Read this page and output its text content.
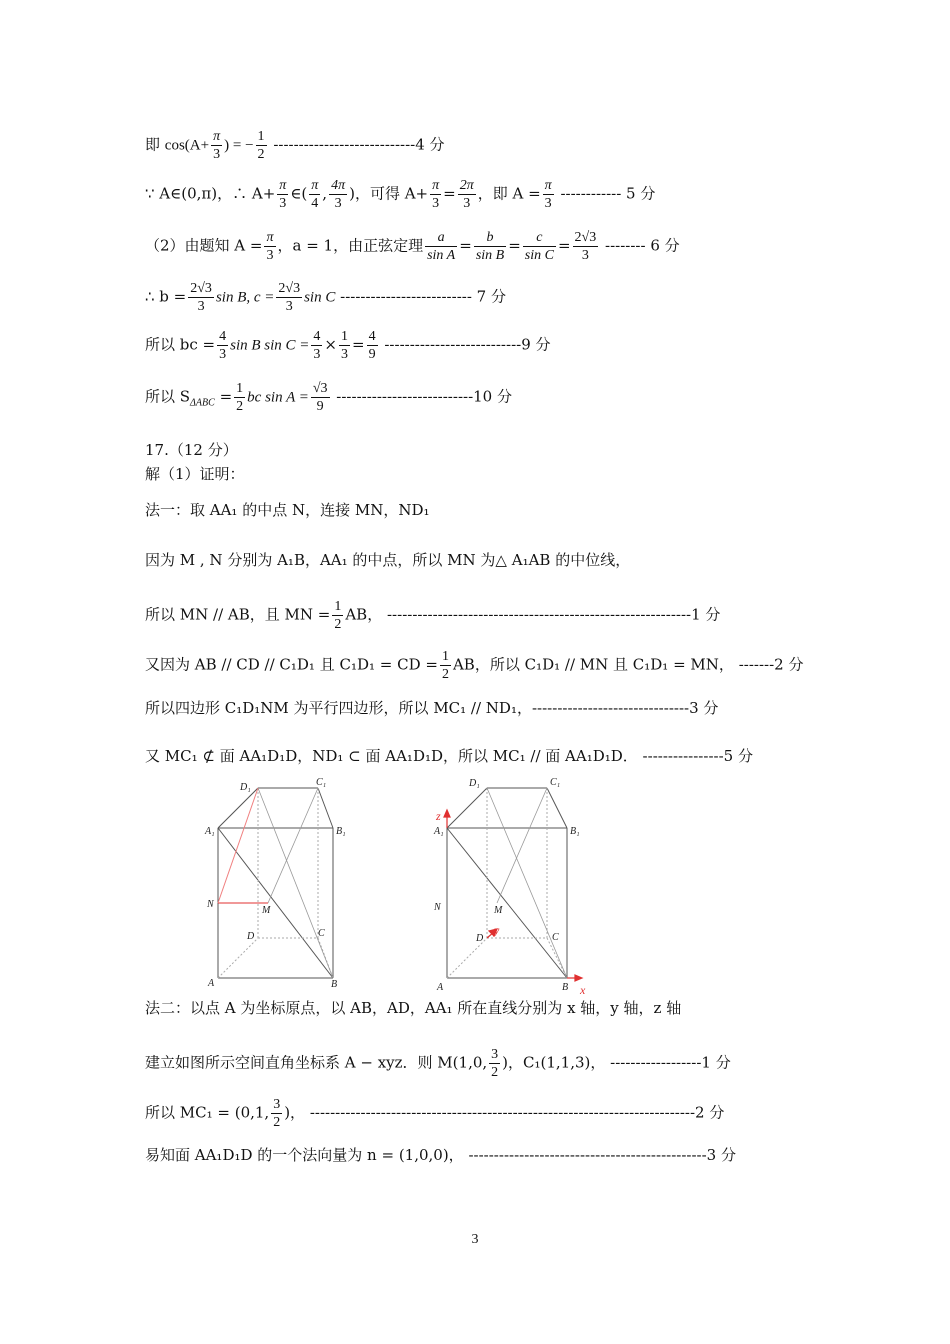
即 $\cos(A+ \frac{\pi}{3}$ ) = − $\frac{1}{2} ----------------------------4$ 分
∵ A∈(0,π)，∴ $A+ \frac{\pi}{3}$ ∈( $\frac{\pi}{4}$ , $\frac{4\pi}{3}$ )，可得 $A+ \frac{\pi}{3} = \frac{2\pi}{3}$ ，即 $A = \frac{\pi}{3}$ ------------ 5 分
（2）由题知 $A = \frac{\pi}{3}$ ，a = 1，由正弦定理 $\frac{a}{\text{sin A}} = \frac{b}{\text{sin B}} = \frac{c}{\text{sin C}} = \frac{2√3}{3}$ -------- 6 分
∴ $b = \frac{2√3}{3}$ sin B, $c = \frac{2√3}{3}$ sin C -------------------------- 7 分
所以 bc = $\frac{4}{3}$ sin B $\sin C = \frac{4}{3} \times \frac{1}{3} = \frac{4}{9} ---------------------------9$ 分
所以 $S_{\Delta ABC} = \frac{1}{2}$ bc $\sin A = \frac{√3}{9} ---------------------------10$ 分
17.（12 分）
解（1）证明：
法一：取 AA₁ 的中点 N，连接 MN，ND₁
因为 M , N 分别为 A₁B，AA₁ 的中点，所以 MN 为△ A₁AB 的中位线，
所以 MN // AB，且 MN = $\frac{1}{2}$ AB， ------------------------------------------------------------1 分
又因为 AB // CD // C₁D₁ 且 C₁D₁ = CD = $\frac{1}{2}$ AB，所以 C₁D₁ // MN 且 C₁D₁ = MN， -------2 分
所以四边形 C₁D₁NM 为平行四边形，所以 MC₁ // ND₁，-------------------------------3 分
又 MC₁ ⊄ 面 AA₁D₁D，ND₁ ⊂ 面 AA₁D₁D，所以 MC₁ // 面 AA₁D₁D． ----------------5 分
D₁	C₁
A₁	B₁
N
M
D	C
A	B
z
y
x
D₁	C₁
A₁	B₁
N	M
D	C
A	B
法二：以点 A 为坐标原点，以 AB，AD，AA₁ 所在直线分别为 x 轴，y 轴，z 轴
建立如图所示空间直角坐标系 A − xyz．则 M(1,0, $\frac{3}{2}$ )，C₁(1,1,3)， ------------------1 分
所以 MC₁ = (0,1, $\frac{3}{2}$ )， ----------------------------------------------------------------------------2 分
易知面 AA₁D₁D 的一个法向量为 n = (1,0,0)， -----------------------------------------------3 分
3
